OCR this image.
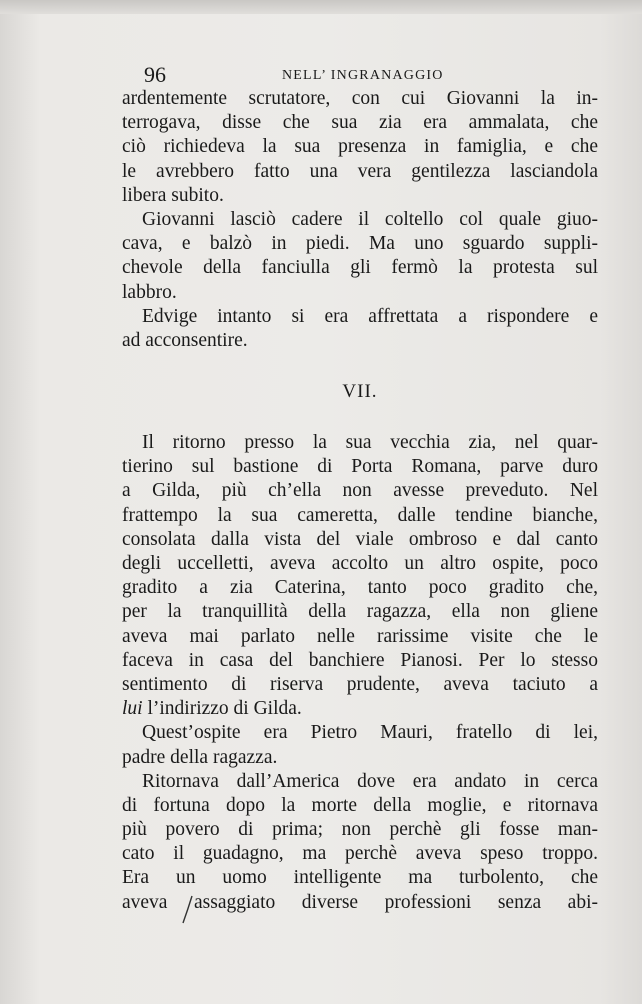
96	NELL’ INGRANAGGIO
ardentemente scrutatore, con cui Giovanni la in-
terrogava, disse che sua zia era ammalata, che
ciò richiedeva la sua presenza in famiglia, e che
le avrebbero fatto una vera gentilezza lasciandola
libera subito.
Giovanni lasciò cadere il coltello col quale giuo-
cava, e balzò in piedi. Ma uno sguardo suppli-
chevole della fanciulla gli fermò la protesta sul
labbro.
Edvige intanto si era affrettata a rispondere e
ad acconsentire.
VII.
Il ritorno presso la sua vecchia zia, nel quar-
tierino sul bastione di Porta Romana, parve duro
a Gilda, più ch’ella non avesse preveduto. Nel
frattempo la sua cameretta, dalle tendine bianche,
consolata dalla vista del viale ombroso e dal canto
degli uccelletti, aveva accolto un altro ospite, poco
gradito a zia Caterina, tanto poco gradito che,
per la tranquillità della ragazza, ella non gliene
aveva mai parlato nelle rarissime visite che le
faceva in casa del banchiere Pianosi. Per lo stesso
sentimento di riserva prudente, aveva taciuto a
lui l’indirizzo di Gilda.
Quest’ospite era Pietro Mauri, fratello di lei,
padre della ragazza.
Ritornava dall’America dove era andato in cerca
di fortuna dopo la morte della moglie, e ritornava
più povero di prima; non perchè gli fosse man-
cato il guadagno, ma perchè aveva speso troppo.
Era un uomo intelligente ma turbolento, che
aveva assaggiato diverse professioni senza abi-
